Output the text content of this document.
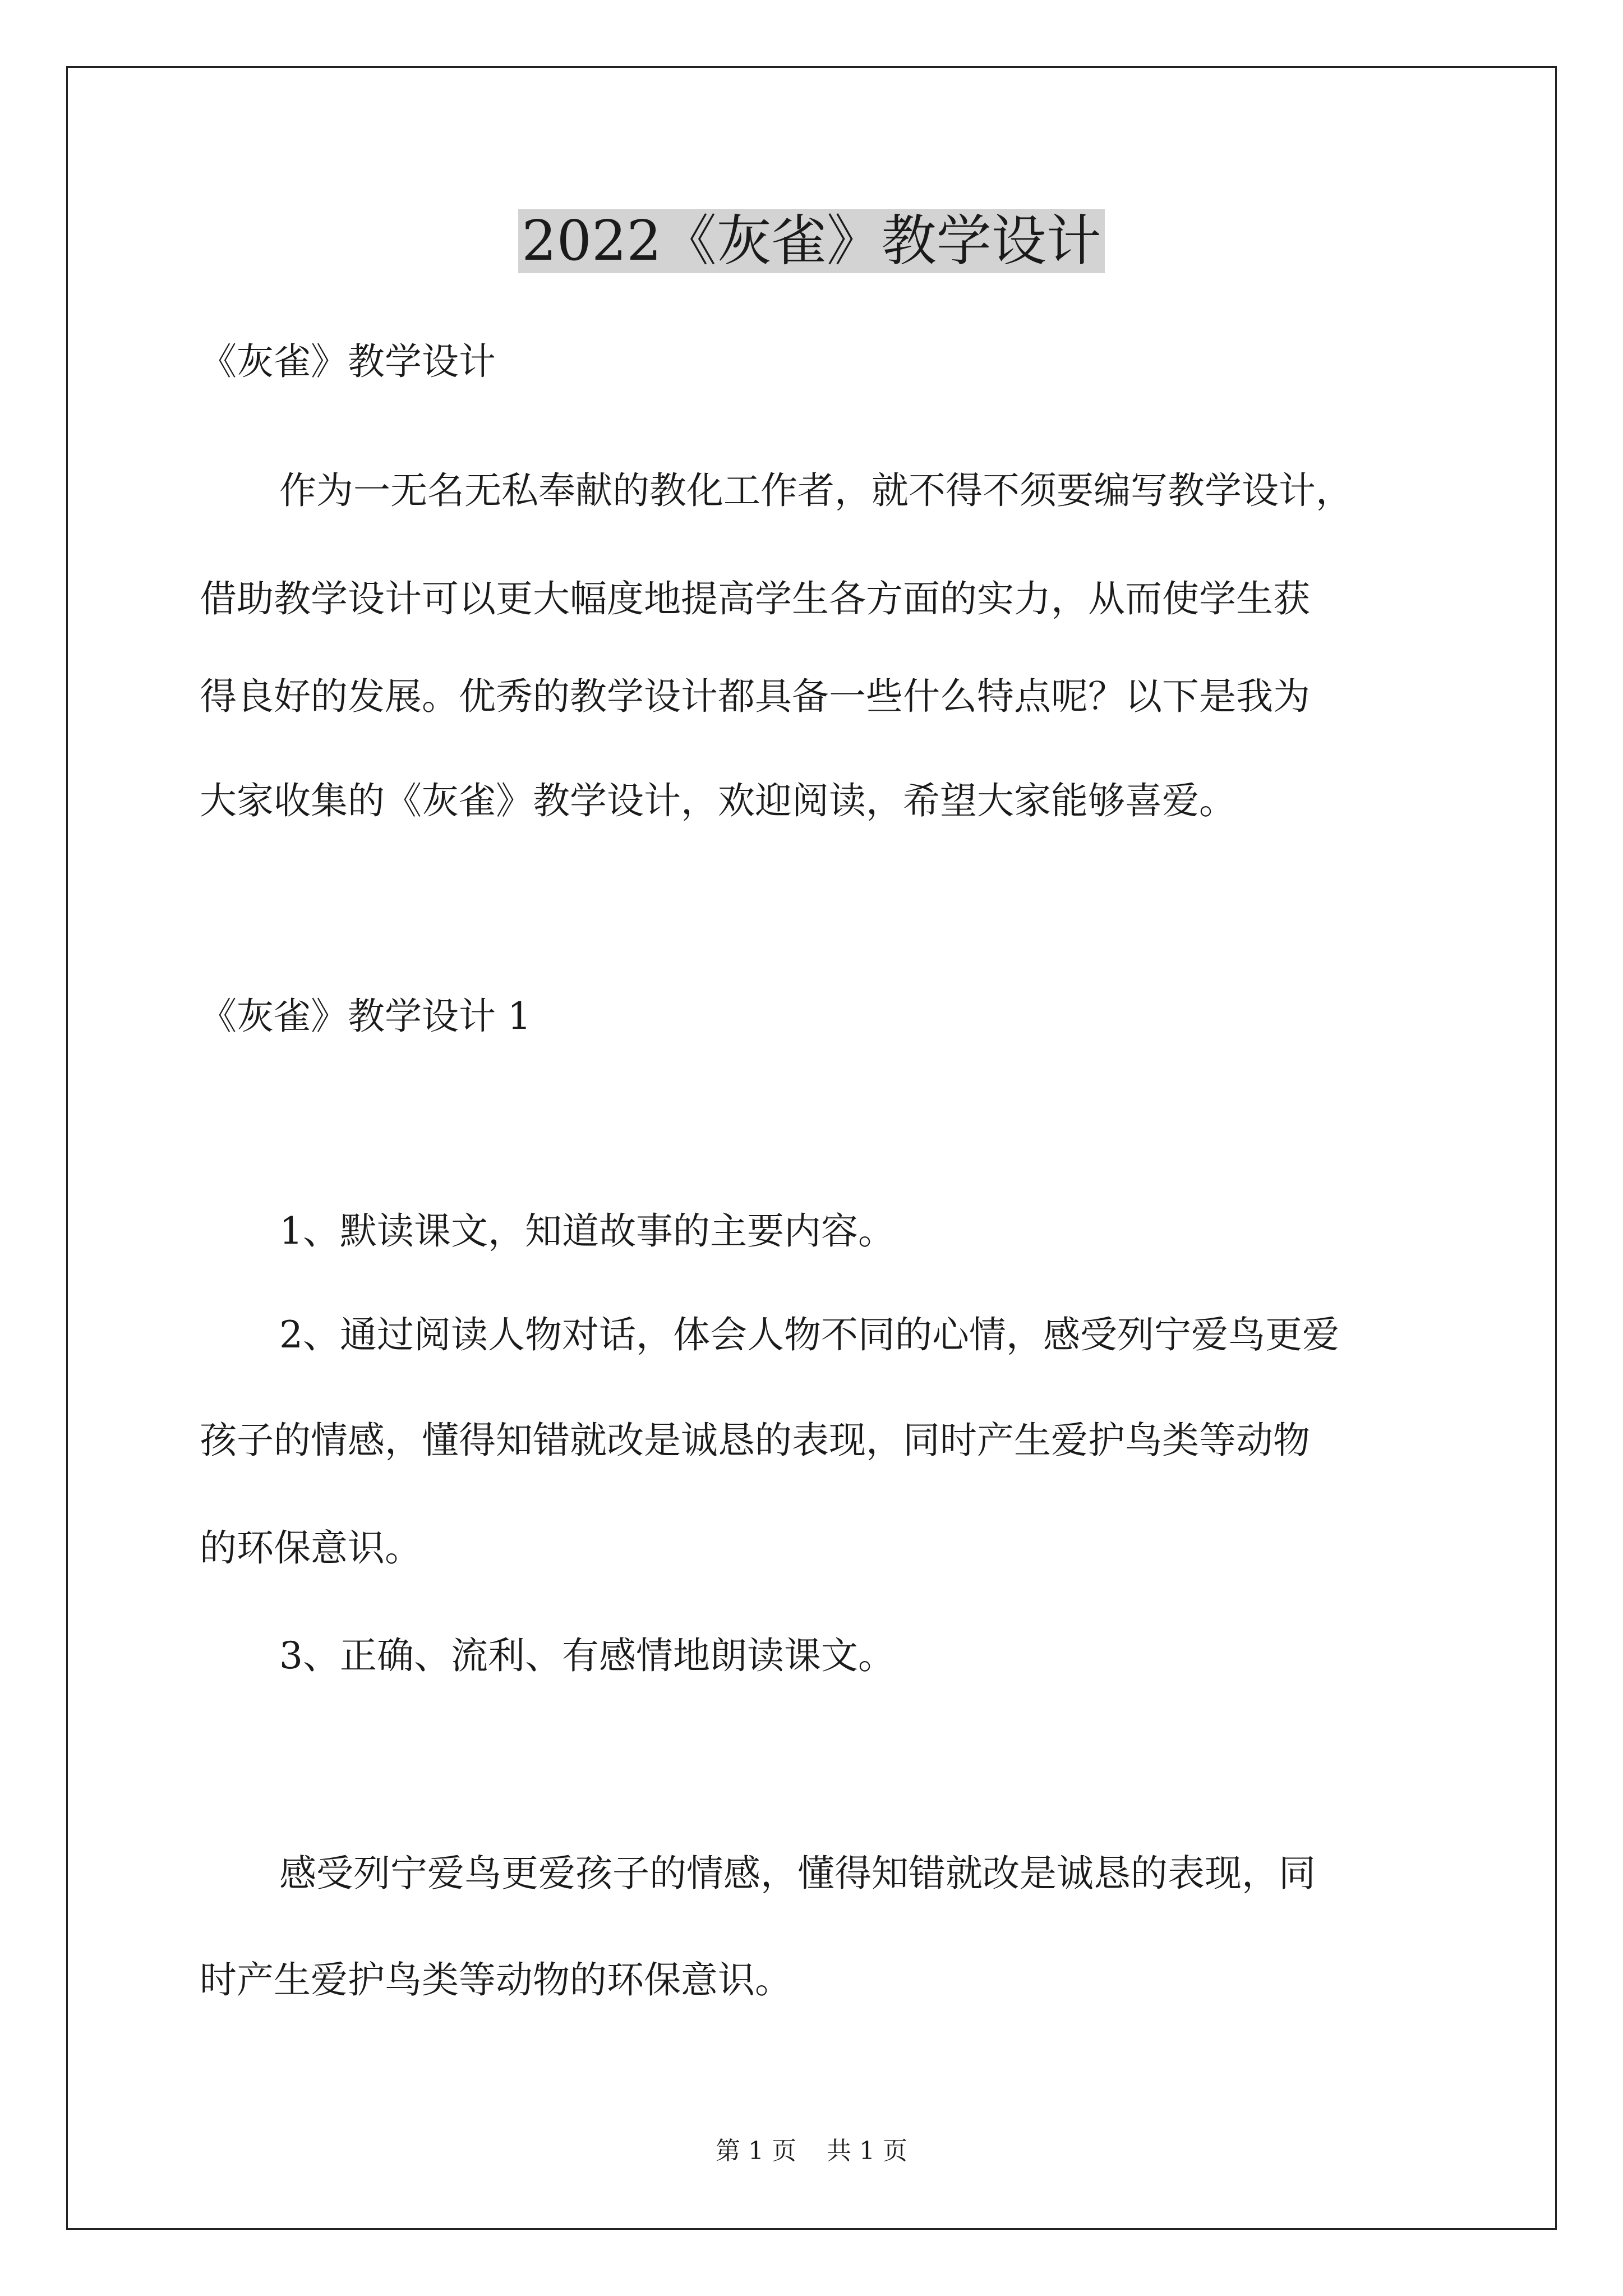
2022《灰雀》教学设计
《灰雀》教学设计
作为一无名无私奉献的教化工作者，就不得不须要编写教学设计，
借助教学设计可以更大幅度地提高学生各方面的实力，从而使学生获
得良好的发展。优秀的教学设计都具备一些什么特点呢？以下是我为
大家收集的《灰雀》教学设计，欢迎阅读，希望大家能够喜爱。
《灰雀》教学设计 1
1、默读课文，知道故事的主要内容。
2、通过阅读人物对话，体会人物不同的心情，感受列宁爱鸟更爱
孩子的情感，懂得知错就改是诚恳的表现，同时产生爱护鸟类等动物
的环保意识。
3、正确、流利、有感情地朗读课文。
感受列宁爱鸟更爱孩子的情感，懂得知错就改是诚恳的表现，同
时产生爱护鸟类等动物的环保意识。
第 1 页 共 1 页
